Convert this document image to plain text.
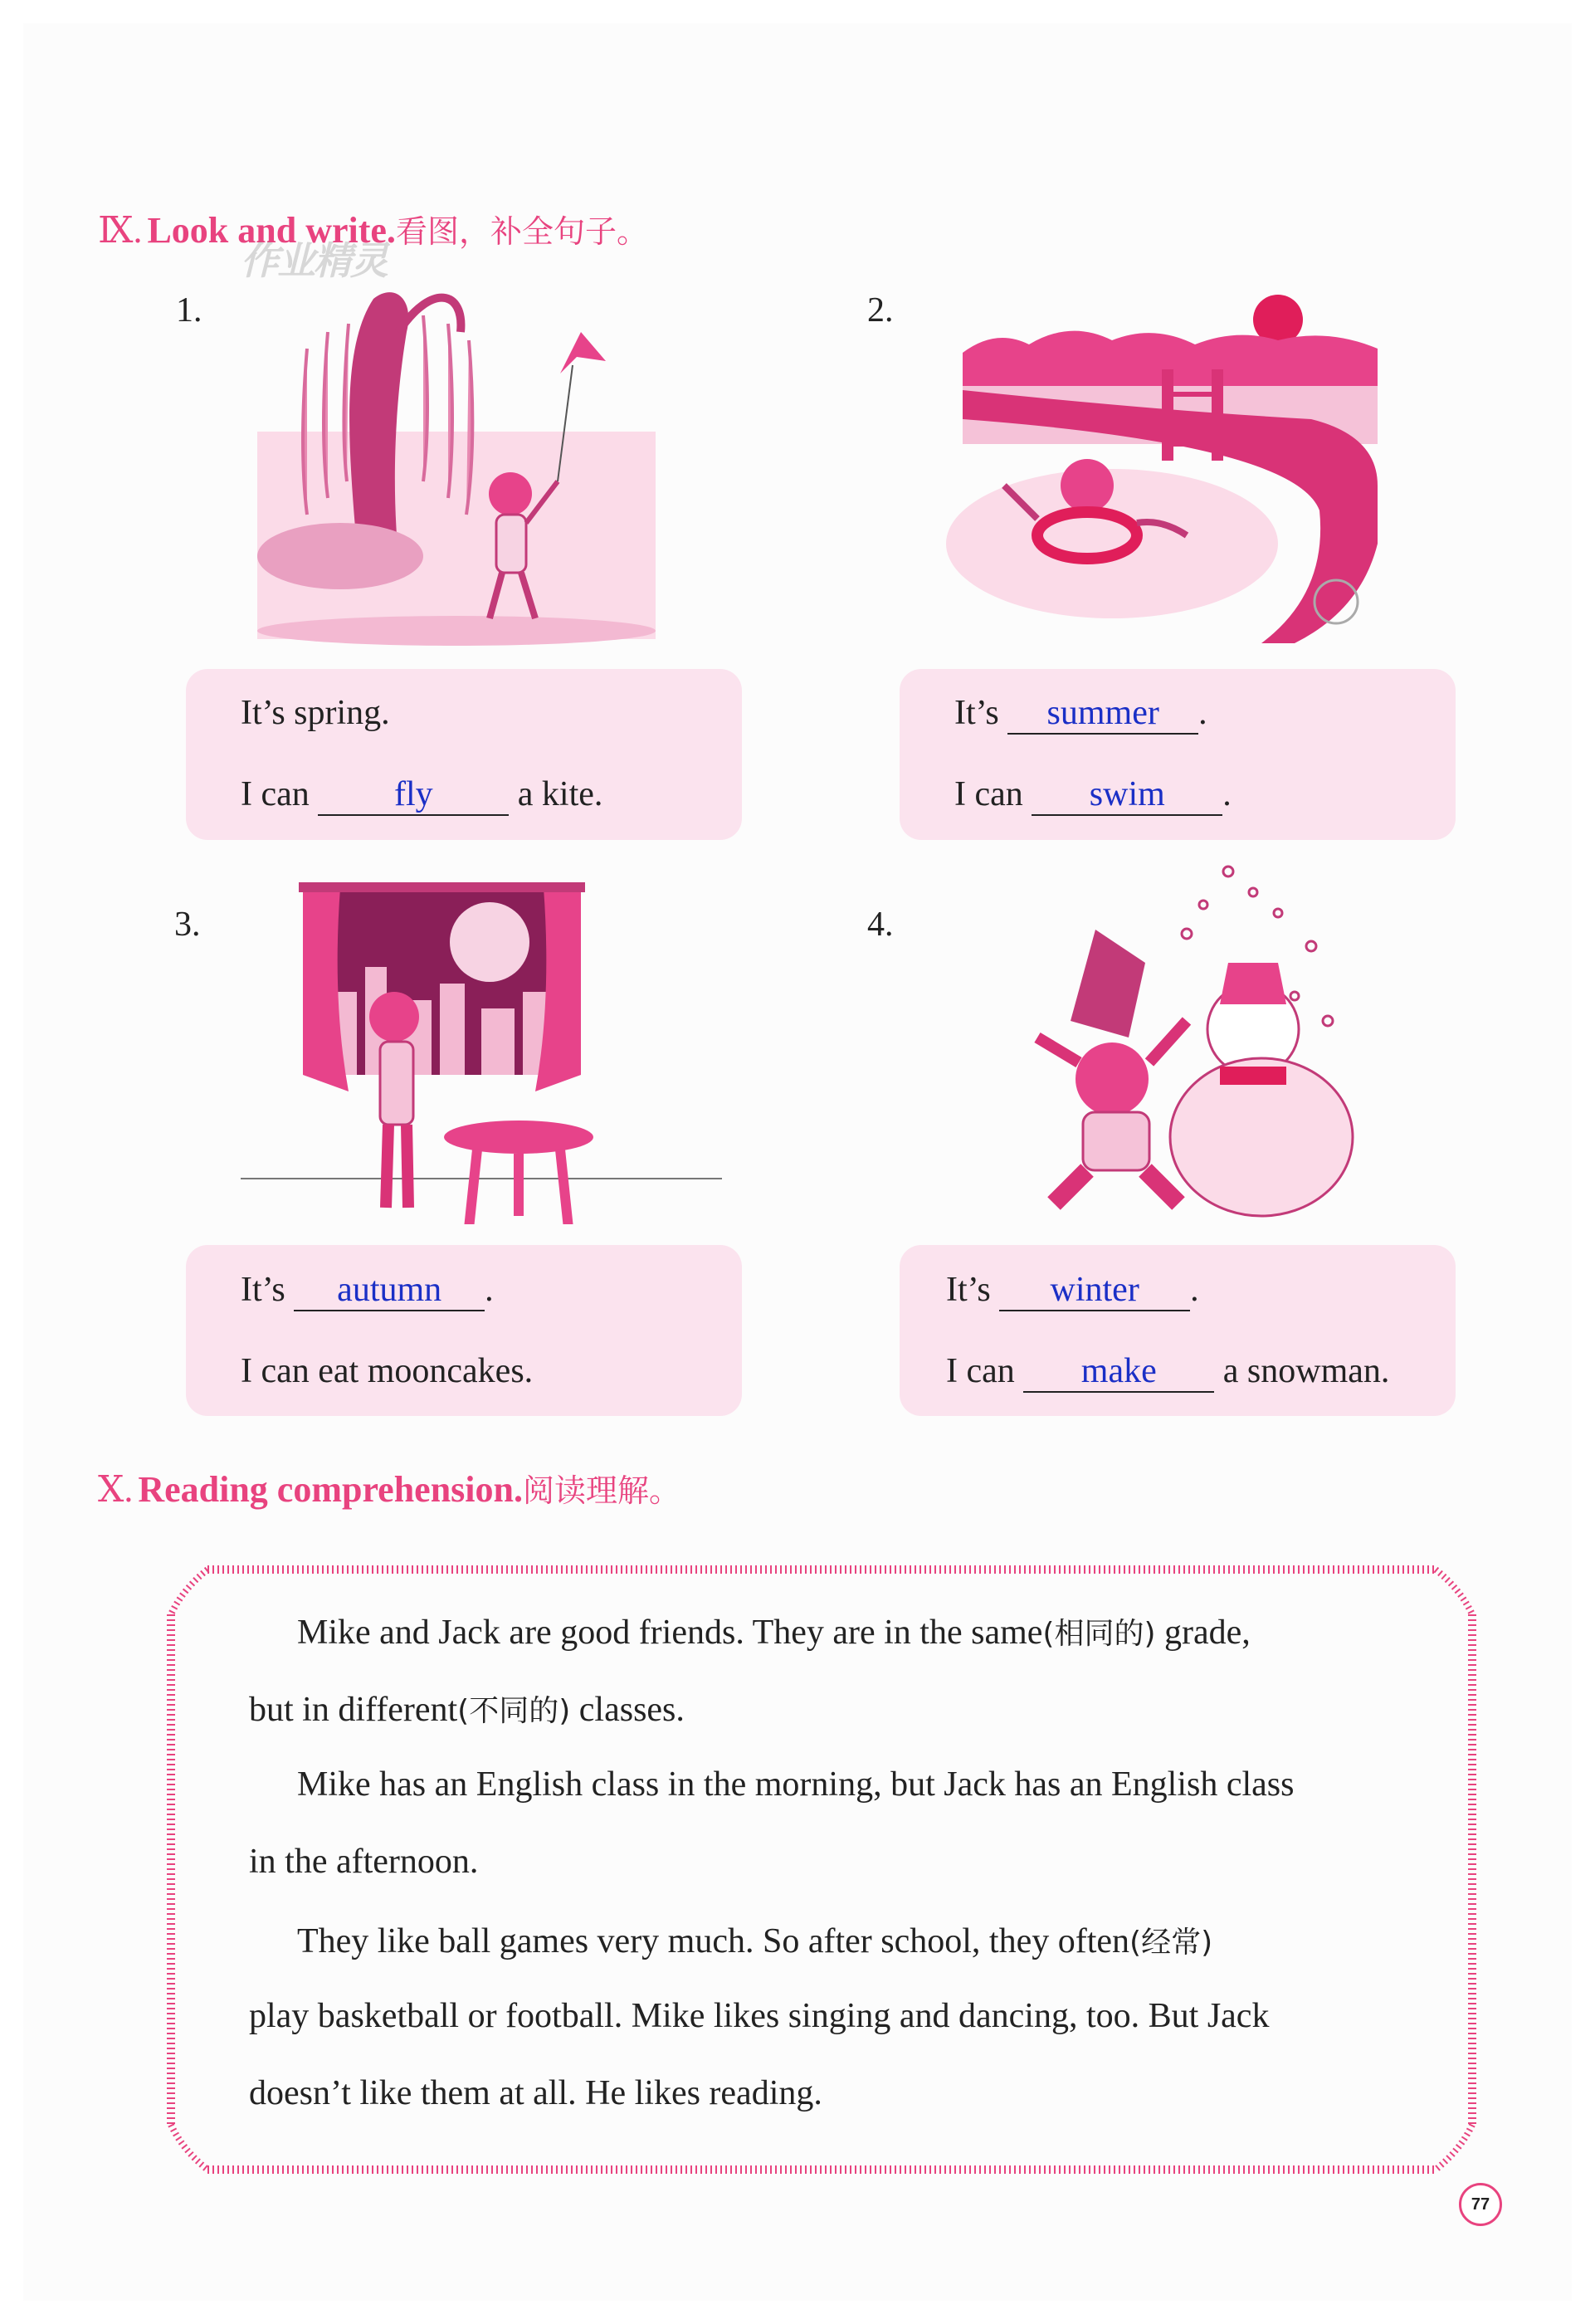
Ⅸ. Look and write.看图，补全句子。
作业精灵
1.	2.
3.	4.
It’s spring.
I can fly a kite.
It’s summer .
I can swim .
It’s autumn .
I can eat mooncakes.
It’s winter .
I can make a snowman.
Ⅹ. Reading comprehension.阅读理解。
Mike and Jack are good friends. They are in the same(相同的) grade,
but in different(不同的) classes.
Mike has an English class in the morning, but Jack has an English class
in the afternoon.
They like ball games very much. So after school, they often(经常)
play basketball or football. Mike likes singing and dancing, too. But Jack
doesn’t like them at all. He likes reading.
77
